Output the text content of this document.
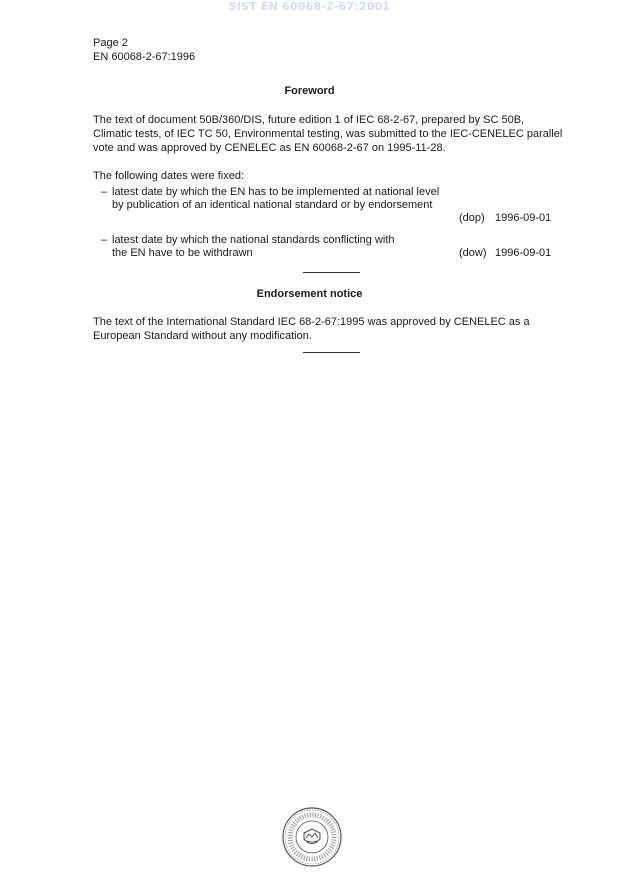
SIST EN 60068-2-67:2001
Page 2
EN 60068-2-67:1996
Foreword

The text of document 50B/360/DIS, future edition 1 of IEC 68-2-67, prepared by SC 50B, Climatic tests, of IEC TC 50, Environmental testing, was submitted to the IEC-CENELEC parallel vote and was approved by CENELEC as EN 60068-2-67 on 1995-11-28.

The following dates were fixed:

– latest date by which the EN has to be implemented at national level by publication of an identical national standard or by endorsement
(dop) 1996-09-01
– latest date by which the national standards conflicting with the EN have to be withdrawn	(dow) 1996-09-01
Endorsement notice

The text of the International Standard IEC 68-2-67:1995 was approved by CENELEC as a European Standard without any modification.
